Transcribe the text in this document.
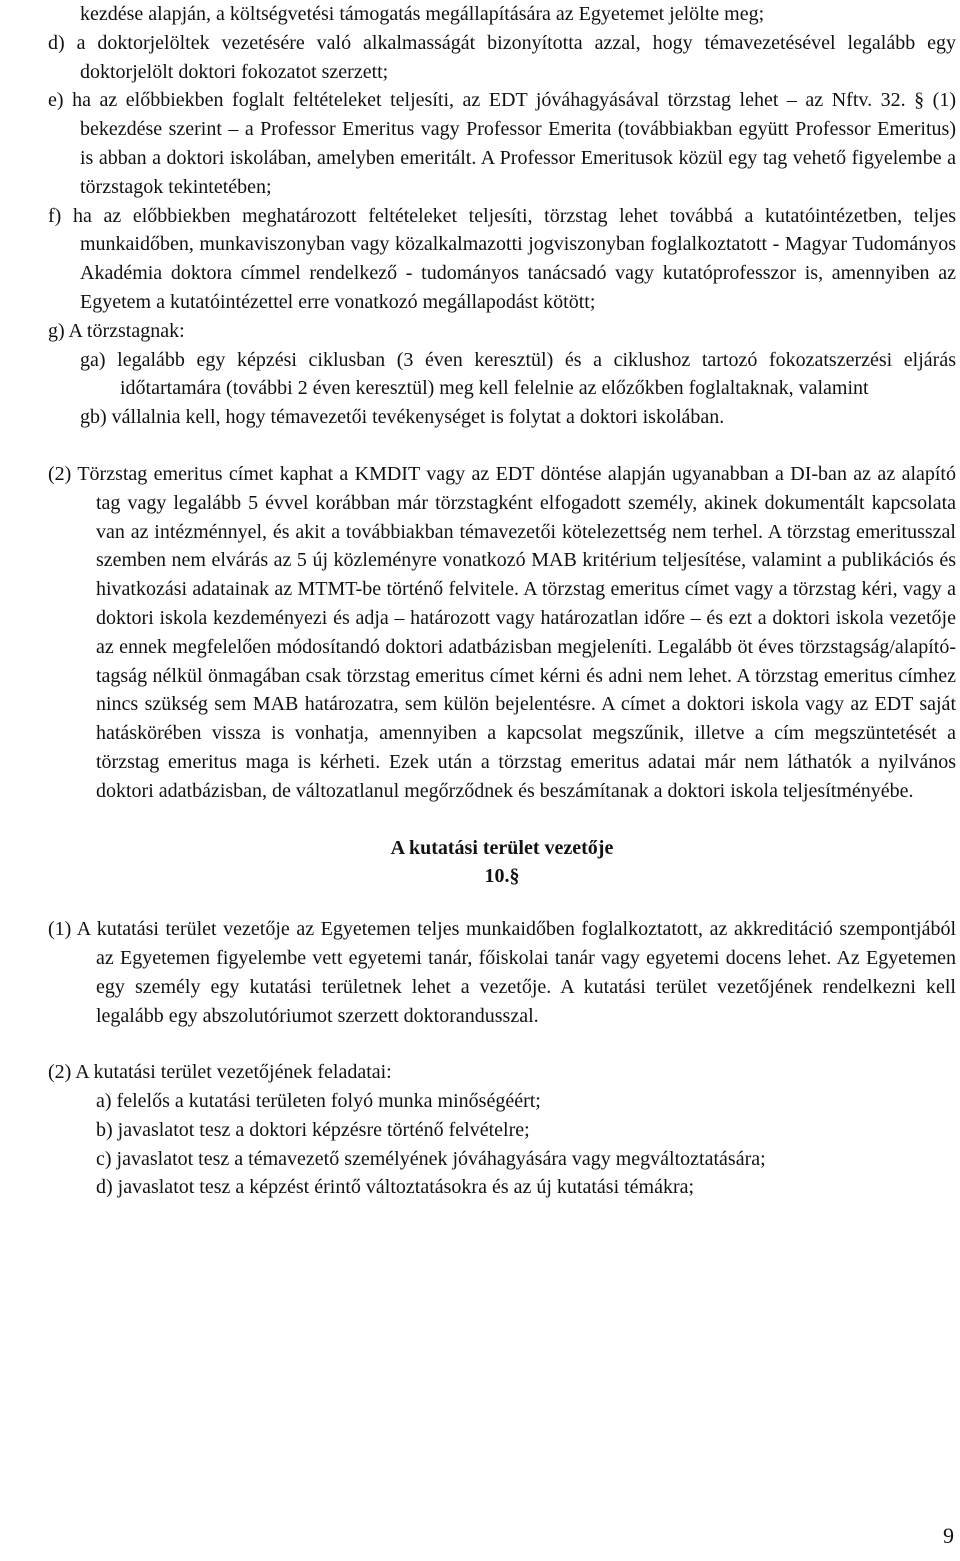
kezdése alapján, a költségvetési támogatás megállapítására az Egyetemet jelölte meg;
d) a doktorjelöltek vezetésére való alkalmasságát bizonyította azzal, hogy témavezetésével legalább egy doktorjelölt doktori fokozatot szerzett;
e) ha az előbbiekben foglalt feltételeket teljesíti, az EDT jóváhagyásával törzstag lehet – az Nftv. 32. § (1) bekezdése szerint – a Professor Emeritus vagy Professor Emerita (továbbiakban együtt Professor Emeritus) is abban a doktori iskolában, amelyben emeritált. A Professor Emeritusok közül egy tag vehető figyelembe a törzstagok tekintetében;
f) ha az előbbiekben meghatározott feltételeket teljesíti, törzstag lehet továbbá a kutatóintézetben, teljes munkaidőben, munkaviszonyban vagy közalkalmazotti jogviszonyban foglalkoztatott - Magyar Tudományos Akadémia doktora címmel rendelkező - tudományos tanácsadó vagy kutatóprofesszor is, amennyiben az Egyetem a kutatóintézettel erre vonatkozó megállapodást kötött;
g) A törzstagnak:
ga) legalább egy képzési ciklusban (3 éven keresztül) és a ciklushoz tartozó fokozatszerzési eljárás időtartamára (további 2 éven keresztül) meg kell felelnie az előzőkben foglaltaknak, valamint
gb) vállalnia kell, hogy témavezetői tevékenységet is folytat a doktori iskolában.
(2) Törzstag emeritus címet kaphat a KMDIT vagy az EDT döntése alapján ugyanabban a DI-ban az az alapító tag vagy legalább 5 évvel korábban már törzstagként elfogadott személy, akinek dokumentált kapcsolata van az intézménnyel, és akit a továbbiakban témavezetői kötelezettség nem terhel. A törzstag emeritusszal szemben nem elvárás az 5 új közleményre vonatkozó MAB kritérium teljesítése, valamint a publikációs és hivatkozási adatainak az MTMT-be történő felvitele. A törzstag emeritus címet vagy a törzstag kéri, vagy a doktori iskola kezdeményezi és adja – határozott vagy határozatlan időre – és ezt a doktori iskola vezetője az ennek megfelelően módosítandó doktori adatbázisban megjeleníti. Legalább öt éves törzstagság/alapító-tagság nélkül önmagában csak törzstag emeritus címet kérni és adni nem lehet. A törzstag emeritus címhez nincs szükség sem MAB határozatra, sem külön bejelentésre. A címet a doktori iskola vagy az EDT saját hatáskörében vissza is vonhatja, amennyiben a kapcsolat megszűnik, illetve a cím megszüntetését a törzstag emeritus maga is kérheti. Ezek után a törzstag emeritus adatai már nem láthatók a nyilvános doktori adatbázisban, de változatlanul megőrződnek és beszámítanak a doktori iskola teljesítményébe.

A kutatási terület vezetője

10.§

(1) A kutatási terület vezetője az Egyetemen teljes munkaidőben foglalkoztatott, az akkreditáció szempontjából az Egyetemen figyelembe vett egyetemi tanár, főiskolai tanár vagy egyetemi docens lehet. Az Egyetemen egy személy egy kutatási területnek lehet a vezetője. A kutatási terület vezetőjének rendelkezni kell legalább egy abszolutóriumot szerzett doktorandusszal.
(2) A kutatási terület vezetőjének feladatai:
a) felelős a kutatási területen folyó munka minőségéért;
b) javaslatot tesz a doktori képzésre történő felvételre;
c) javaslatot tesz a témavezető személyének jóváhagyására vagy megváltoztatására;
d) javaslatot tesz a képzést érintő változtatásokra és az új kutatási témákra;
9
